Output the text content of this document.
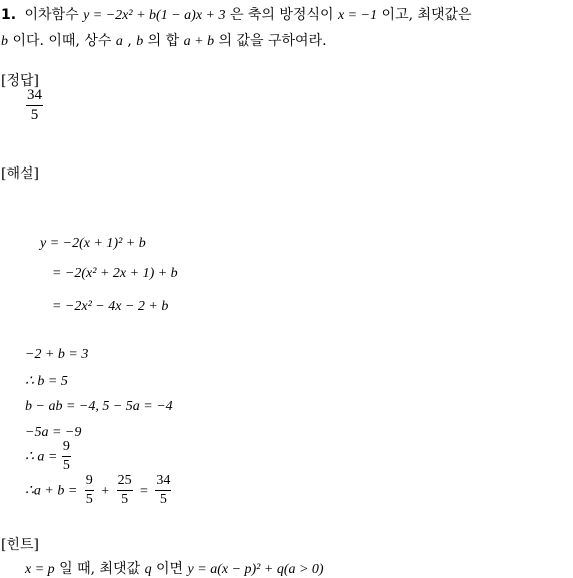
1. 이차함수 y = −2x² + b(1 − a)x + 3 은 축의 방정식이 x = −1 이고, 최댓값은
b 이다. 이때, 상수 a , b 의 합 a + b 의 값을 구하여라.
[정답]
$\frac{34}{5}$
[해설]
y = −2(x + 1)² + b
= −2(x² + 2x + 1) + b
= −2x² − 4x − 2 + b
−2 + b = 3
∴ b = 5
b − ab = −4, 5 − 5a = −4
−5a = −9
∴ $a = \frac{9}{5}$
∴a + $b = \frac{9}{5} + \frac{25}{5} = \frac{34}{5}$
[힌트]
x = p 일 때, 최댓값 q 이면 y = a(x − p)² + q(a > 0)
